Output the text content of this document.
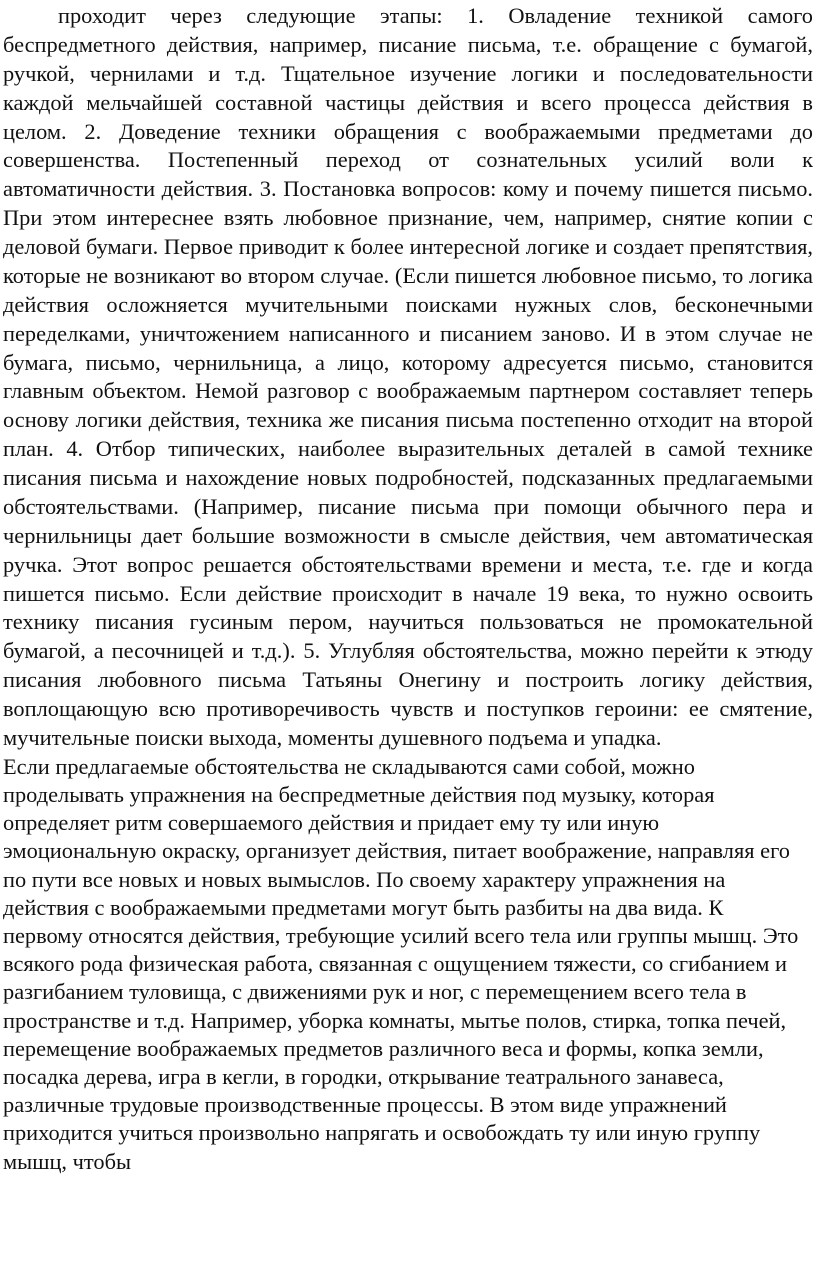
проходит через следующие этапы: 1. Овладение техникой самого беспредметного действия, например, писание письма, т.е. обращение с бумагой, ручкой, чернилами и т.д. Тщательное изучение логики и последовательности каждой мельчайшей составной частицы действия и всего процесса действия в целом. 2. Доведение техники обращения с воображаемыми предметами до совершенства. Постепенный переход от сознательных усилий воли к автоматичности действия. 3. Постановка вопросов: кому и почему пишется письмо. При этом интереснее взять любовное признание, чем, например, снятие копии с деловой бумаги. Первое приводит к более интересной логике и создает препятствия, которые не возникают во втором случае. (Если пишется любовное письмо, то логика действия осложняется мучительными поисками нужных слов, бесконечными переделками, уничтожением написанного и писанием заново. И в этом случае не бумага, письмо, чернильница, а лицо, которому адресуется письмо, становится главным объектом. Немой разговор с воображаемым партнером составляет теперь основу логики действия, техника же писания письма постепенно отходит на второй план. 4. Отбор типических, наиболее выразительных деталей в самой технике писания письма и нахождение новых подробностей, подсказанных предлагаемыми обстоятельствами. (Например, писание письма при помощи обычного пера и чернильницы дает большие возможности в смысле действия, чем автоматическая ручка. Этот вопрос решается обстоятельствами времени и места, т.е. где и когда пишется письмо. Если действие происходит в начале 19 века, то нужно освоить технику писания гусиным пером, научиться пользоваться не промокательной бумагой, а песочницей и т.д.). 5. Углубляя обстоятельства, можно перейти к этюду писания любовного письма Татьяны Онегину и построить логику действия, воплощающую всю противоречивость чувств и поступков героини: ее смятение, мучительные поиски выхода, моменты душевного подъема и упадка.

Если предлагаемые обстоятельства не складываются сами собой, можно проделывать упражнения на беспредметные действия под музыку, которая определяет ритм совершаемого действия и придает ему ту или иную эмоциональную окраску, организует действия, питает воображение, направляя его по пути все новых и новых вымыслов. По своему характеру упражнения на действия с воображаемыми предметами могут быть разбиты на два вида. К первому относятся действия, требующие усилий всего тела или группы мышц. Это всякого рода физическая работа, связанная с ощущением тяжести, со сгибанием и разгибанием туловища, с движениями рук и ног, с перемещением всего тела в пространстве и т.д. Например, уборка комнаты, мытье полов, стирка, топка печей, перемещение воображаемых предметов различного веса и формы, копка земли, посадка дерева, игра в кегли, в городки, открывание театрального занавеса, различные трудовые производственные процессы. В этом виде упражнений приходится учиться произвольно напрягать и освобождать ту или иную группу мышц, чтобы
